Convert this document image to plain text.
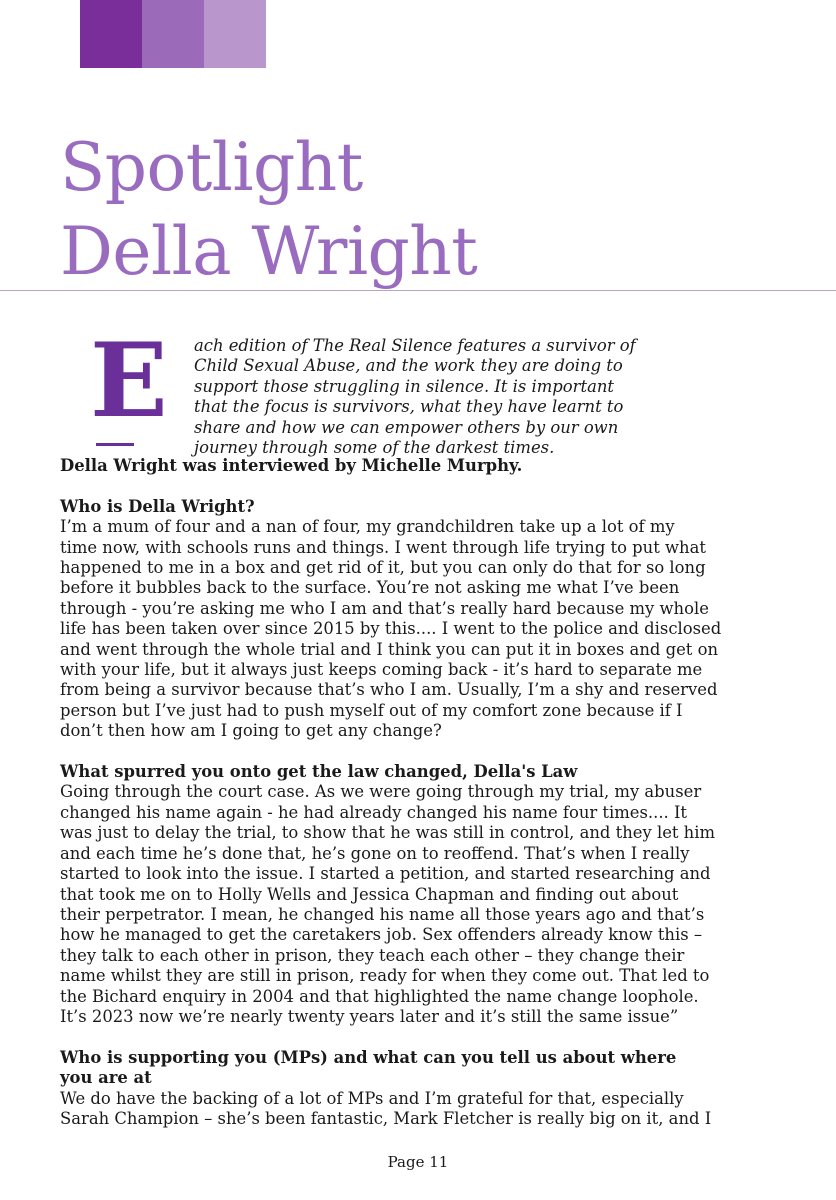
Spotlight
Della Wright
E ach edition of The Real Silence features a survivor of
Child Sexual Abuse, and the work they are doing to
support those struggling in silence. It is important
that the focus is survivors, what they have learnt to
share and how we can empower others by our own
journey through some of the darkest times.

Della Wright was interviewed by Michelle Murphy.
Who is Della Wright?
I’m a mum of four and a nan of four, my grandchildren take up a lot of my
time now, with schools runs and things. I went through life trying to put what
happened to me in a box and get rid of it, but you can only do that for so long
before it bubbles back to the surface. You’re not asking me what I’ve been
through - you’re asking me who I am and that’s really hard because my whole
life has been taken over since 2015 by this.... I went to the police and disclosed
and went through the whole trial and I think you can put it in boxes and get on
with your life, but it always just keeps coming back - it’s hard to separate me
from being a survivor because that’s who I am. Usually, I’m a shy and reserved
person but I’ve just had to push myself out of my comfort zone because if I
don’t then how am I going to get any change?
What spurred you onto get the law changed, Della's Law
Going through the court case. As we were going through my trial, my abuser
changed his name again - he had already changed his name four times.... It
was just to delay the trial, to show that he was still in control, and they let him
and each time he’s done that, he’s gone on to reoffend. That’s when I really
started to look into the issue. I started a petition, and started researching and
that took me on to Holly Wells and Jessica Chapman and finding out about
their perpetrator. I mean, he changed his name all those years ago and that’s
how he managed to get the caretakers job. Sex offenders already know this –
they talk to each other in prison, they teach each other – they change their
name whilst they are still in prison, ready for when they come out. That led to
the Bichard enquiry in 2004 and that highlighted the name change loophole.
It’s 2023 now we’re nearly twenty years later and it’s still the same issue”
Who is supporting you (MPs) and what can you tell us about where
you are at
We do have the backing of a lot of MPs and I’m grateful for that, especially
Sarah Champion – she’s been fantastic, Mark Fletcher is really big on it, and I
Page 11
